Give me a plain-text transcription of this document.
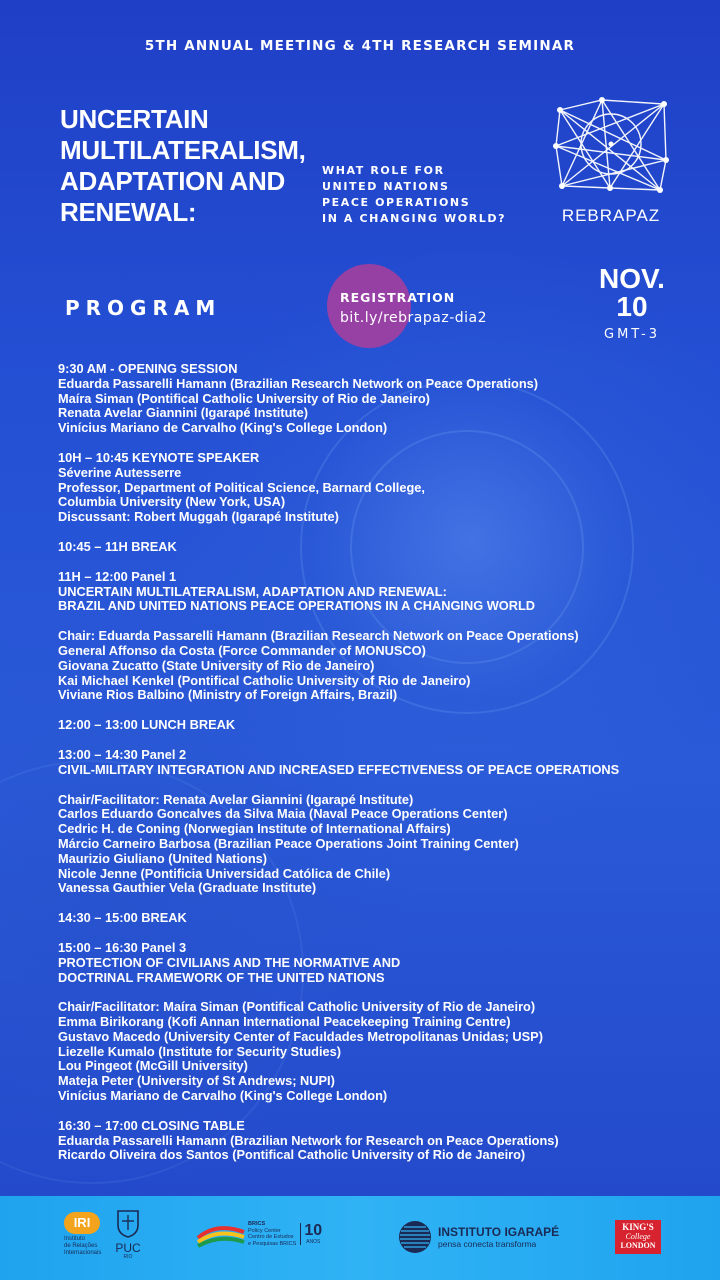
5TH ANNUAL MEETING & 4TH RESEARCH SEMINAR
UNCERTAIN
MULTILATERALISM,
ADAPTATION AND
RENEWAL:
WHAT ROLE FOR
UNITED NATIONS
PEACE OPERATIONS
IN A CHANGING WORLD?	REBRAPAZ
PROGRAM	REGISTRATION
bit.ly/rebrapaz-dia2
NOV.
10
GMT-3
9:30 AM - OPENING SESSION
Eduarda Passarelli Hamann (Brazilian Research Network on Peace Operations)
Maíra Siman (Pontifical Catholic University of Rio de Janeiro)
Renata Avelar Giannini (Igarapé Institute)
Vinícius Mariano de Carvalho (King's College London)
10H – 10:45 KEYNOTE SPEAKER
Séverine Autesserre
Professor, Department of Political Science, Barnard College,
Columbia University (New York, USA)
Discussant: Robert Muggah (Igarapé Institute)
10:45 – 11H BREAK
11H – 12:00 Panel 1
UNCERTAIN MULTILATERALISM, ADAPTATION AND RENEWAL:
BRAZIL AND UNITED NATIONS PEACE OPERATIONS IN A CHANGING WORLD
Chair: Eduarda Passarelli Hamann (Brazilian Research Network on Peace Operations)
General Affonso da Costa (Force Commander of MONUSCO)
Giovana Zucatto (State University of Rio de Janeiro)
Kai Michael Kenkel (Pontifical Catholic University of Rio de Janeiro)
Viviane Rios Balbino (Ministry of Foreign Affairs, Brazil)
12:00 – 13:00 LUNCH BREAK
13:00 – 14:30 Panel 2
CIVIL-MILITARY INTEGRATION AND INCREASED EFFECTIVENESS OF PEACE OPERATIONS
Chair/Facilitator: Renata Avelar Giannini (Igarapé Institute)
Carlos Eduardo Goncalves da Silva Maia (Naval Peace Operations Center)
Cedric H. de Coning (Norwegian Institute of International Affairs)
Márcio Carneiro Barbosa (Brazilian Peace Operations Joint Training Center)
Maurizio Giuliano (United Nations)
Nicole Jenne (Pontificia Universidad Católica de Chile)
Vanessa Gauthier Vela (Graduate Institute)
14:30 – 15:00 BREAK
15:00 – 16:30 Panel 3
PROTECTION OF CIVILIANS AND THE NORMATIVE AND
DOCTRINAL FRAMEWORK OF THE UNITED NATIONS
Chair/Facilitator: Maíra Siman (Pontifical Catholic University of Rio de Janeiro)
Emma Birikorang (Kofi Annan International Peacekeeping Training Centre)
Gustavo Macedo (University Center of Faculdades Metropolitanas Unidas; USP)
Liezelle Kumalo (Institute for Security Studies)
Lou Pingeot (McGill University)
Mateja Peter (University of St Andrews; NUPI)
Vinícius Mariano de Carvalho (King's College London)
16:30 – 17:00 CLOSING TABLE
Eduarda Passarelli Hamann (Brazilian Network for Research on Peace Operations)
Ricardo Oliveira dos Santos (Pontifical Catholic University of Rio de Janeiro)
IRI
Instituto
de Relações
Internacionais PUC
RIO
BRICS
Policy Center
Centro de Estudos
e Pesquisas BRICS
10
ANOS
INSTITUTO IGARAPÉ
pensa conecta transforma
KING'S
College
LONDON
